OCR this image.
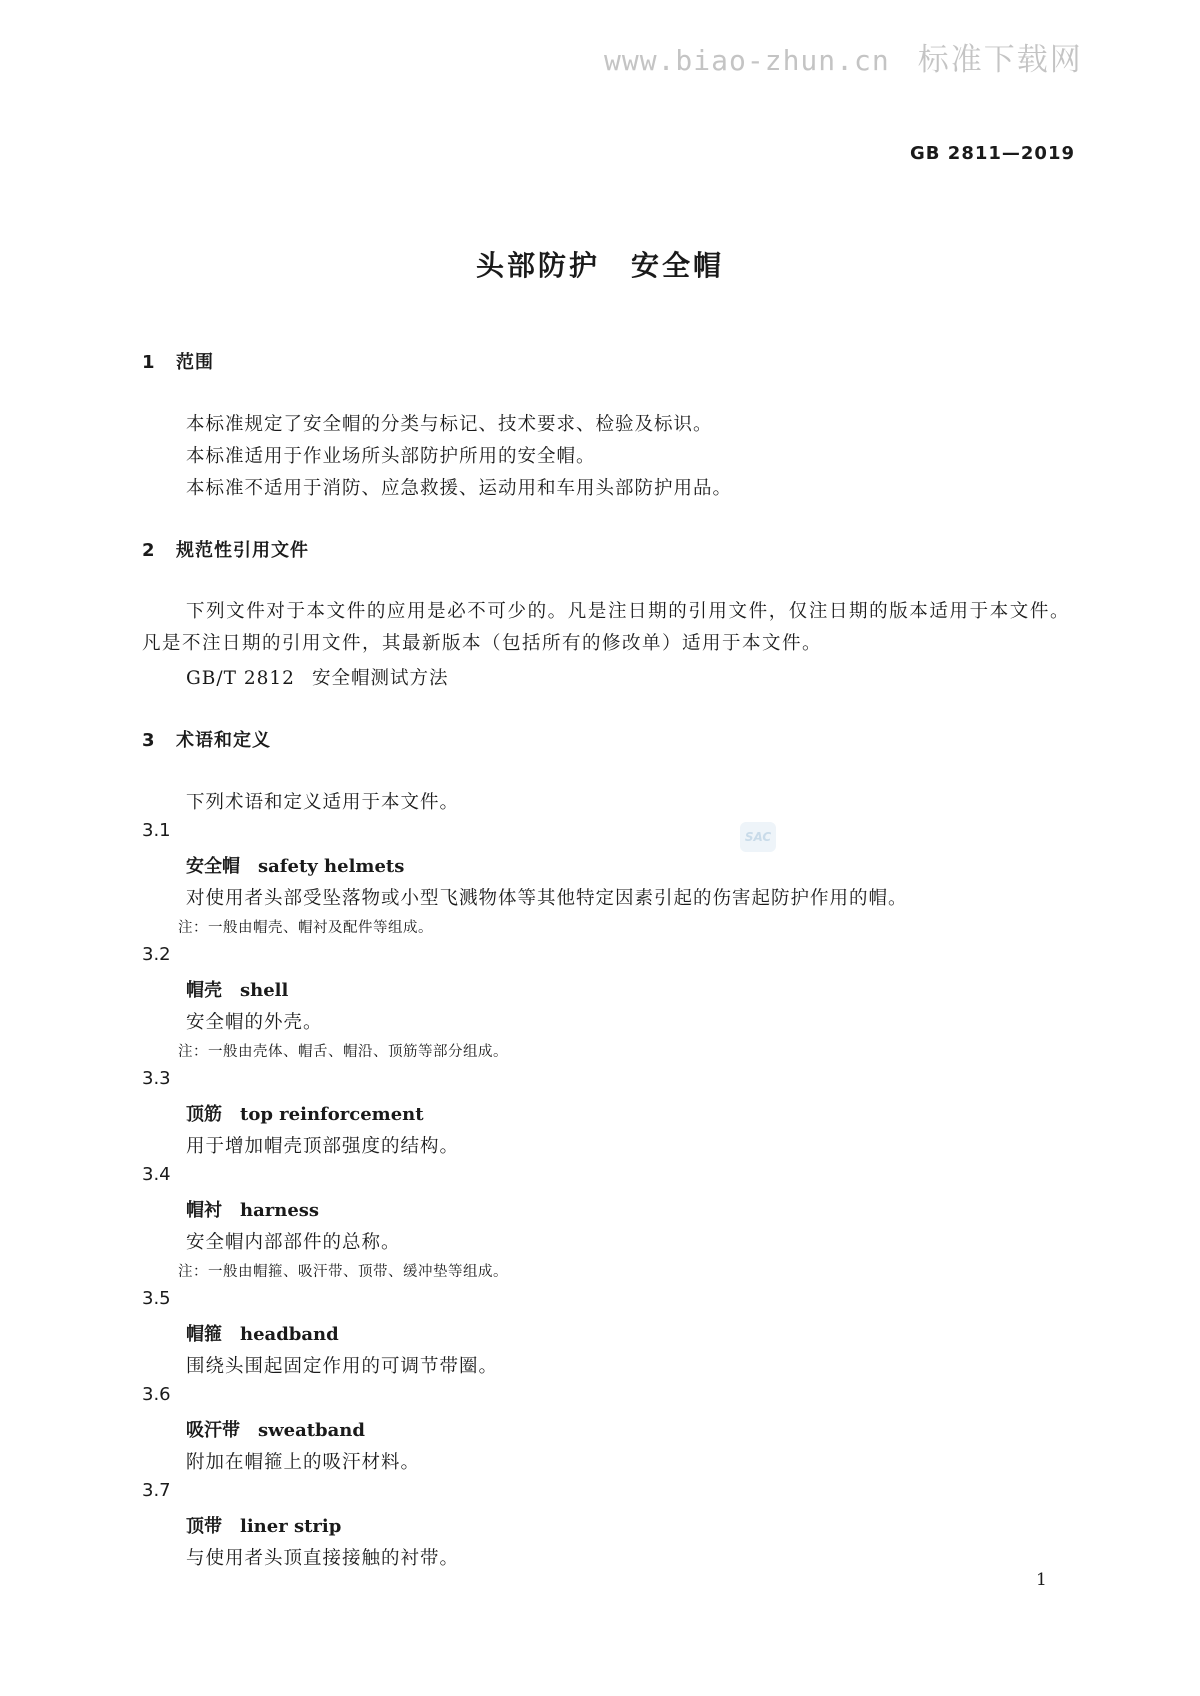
www.biao-zhun.cn 标准下载网
GB 2811—2019
头部防护　安全帽
1 范围
本标准规定了安全帽的分类与标记、技术要求、检验及标识。
本标准适用于作业场所头部防护所用的安全帽。
本标准不适用于消防、应急救援、运动用和车用头部防护用品。
2 规范性引用文件
下列文件对于本文件的应用是必不可少的。凡是注日期的引用文件，仅注日期的版本适用于本文件。凡是不注日期的引用文件，其最新版本（包括所有的修改单）适用于本文件。
GB/T 2812 安全帽测试方法
3 术语和定义
下列术语和定义适用于本文件。
3.1
安全帽 safety helmets
对使用者头部受坠落物或小型飞溅物体等其他特定因素引起的伤害起防护作用的帽。
注：一般由帽壳、帽衬及配件等组成。
3.2
帽壳 shell
安全帽的外壳。
注：一般由壳体、帽舌、帽沿、顶筋等部分组成。
3.3
顶筋 top reinforcement
用于增加帽壳顶部强度的结构。
3.4
帽衬 harness
安全帽内部部件的总称。
注：一般由帽箍、吸汗带、顶带、缓冲垫等组成。
3.5
帽箍 headband
围绕头围起固定作用的可调节带圈。
3.6
吸汗带 sweatband
附加在帽箍上的吸汗材料。
3.7
顶带 liner strip
与使用者头顶直接接触的衬带。
SAC
1
